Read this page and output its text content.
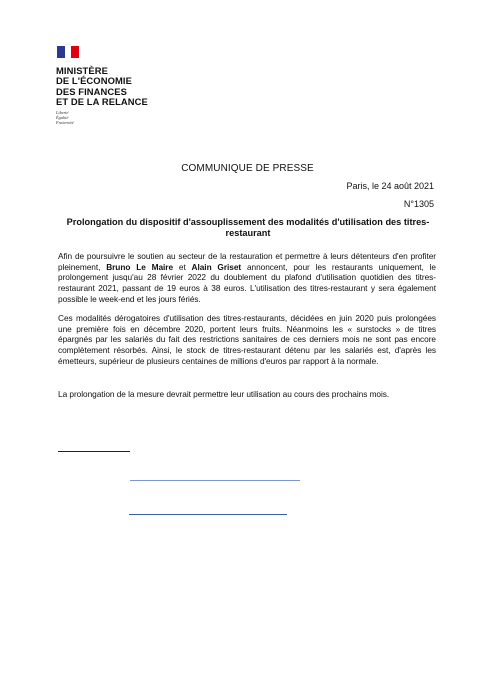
MINISTÈRE
DE L'ÉCONOMIE
DES FINANCES
ET DE LA RELANCE
Liberté
Égalité
Fraternité
COMMUNIQUE DE PRESSE
Paris, le 24 août 2021
N°1305
Prolongation du dispositif d'assouplissement des modalités d'utilisation des titres-restaurant
Afin de poursuivre le soutien au secteur de la restauration et permettre à leurs détenteurs d'en profiter pleinement, Bruno Le Maire et Alain Griset annoncent, pour les restaurants uniquement, le prolongement jusqu'au 28 février 2022 du doublement du plafond d'utilisation quotidien des titres-restaurant 2021, passant de 19 euros à 38 euros. L'utilisation des titres-restaurant y sera également possible le week-end et les jours fériés.
Ces modalités dérogatoires d'utilisation des titres-restaurants, décidées en juin 2020 puis prolongées une première fois en décembre 2020, portent leurs fruits. Néanmoins les « surstocks » de titres épargnés par les salariés du fait des restrictions sanitaires de ces derniers mois ne sont pas encore complètement résorbés. Ainsi, le stock de titres-restaurant détenu par les salariés est, d'après les émetteurs, supérieur de plusieurs centaines de millions d'euros par rapport à la normale.
La prolongation de la mesure devrait permettre leur utilisation au cours des prochains mois.
